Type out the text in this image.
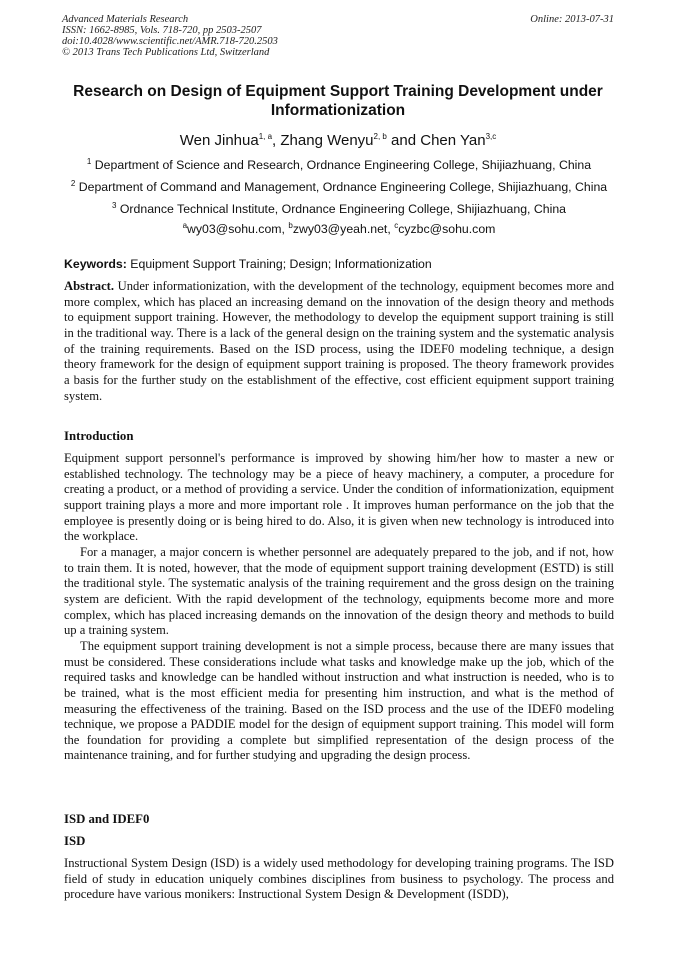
Advanced Materials Research
ISSN: 1662-8985, Vols. 718-720, pp 2503-2507
doi:10.4028/www.scientific.net/AMR.718-720.2503
© 2013 Trans Tech Publications Ltd, Switzerland
Online: 2013-07-31
Research on Design of Equipment Support Training Development under Informationization
Wen Jinhua$^{1, a}$, Zhang Wenyu$^{2, b}$ and Chen Yan$^{3,c}$
$^1$ Department of Science and Research, Ordnance Engineering College, Shijiazhuang, China
$^2$ Department of Command and Management, Ordnance Engineering College, Shijiazhuang, China
$^3$ Ordnance Technical Institute, Ordnance Engineering College, Shijiazhuang, China
$^a$wy03@sohu.com, $^b$zwy03@yeah.net, $^c$cyzbc@sohu.com
Keywords: Equipment Support Training; Design; Informationization
Abstract. Under informationization, with the development of the technology, equipment becomes more and more complex, which has placed an increasing demand on the innovation of the design theory and methods to equipment support training. However, the methodology to develop the equipment support training is still in the traditional way. There is a lack of the general design on the training system and the systematic analysis of the training requirements. Based on the ISD process, using the IDEF0 modeling technique, a design theory framework for the design of equipment support training is proposed. The theory framework provides a basis for the further study on the establishment of the effective, cost efficient equipment support training system.
Introduction

Equipment support personnel's performance is improved by showing him/her how to master a new or established technology. The technology may be a piece of heavy machinery, a computer, a procedure for creating a product, or a method of providing a service. Under the condition of informationization, equipment support training plays a more and more important role . It improves human performance on the job that the employee is presently doing or is being hired to do. Also, it is given when new technology is introduced into the workplace.

For a manager, a major concern is whether personnel are adequately prepared to the job, and if not, how to train them. It is noted, however, that the mode of equipment support training development (ESTD) is still the traditional style. The systematic analysis of the training requirement and the gross design on the training system are deficient. With the rapid development of the technology, equipments become more and more complex, which has placed increasing demands on the innovation of the design theory and methods to build up a training system.

The equipment support training development is not a simple process, because there are many issues that must be considered. These considerations include what tasks and knowledge make up the job, which of the required tasks and knowledge can be handled without instruction and what instruction is needed, who is to be trained, what is the most efficient media for presenting him instruction, and what is the method of measuring the effectiveness of the training. Based on the ISD process and the use of the IDEF0 modeling technique, we propose a PADDIE model for the design of equipment support training. This model will form the foundation for providing a complete but simplified representation of the design process of the maintenance training, and for further studying and upgrading the design process.

ISD and IDEF0
ISD
Instructional System Design (ISD) is a widely used methodology for developing training programs. The ISD field of study in education uniquely combines disciplines from business to psychology. The process and procedure have various monikers: Instructional System Design & Development (ISDD),
